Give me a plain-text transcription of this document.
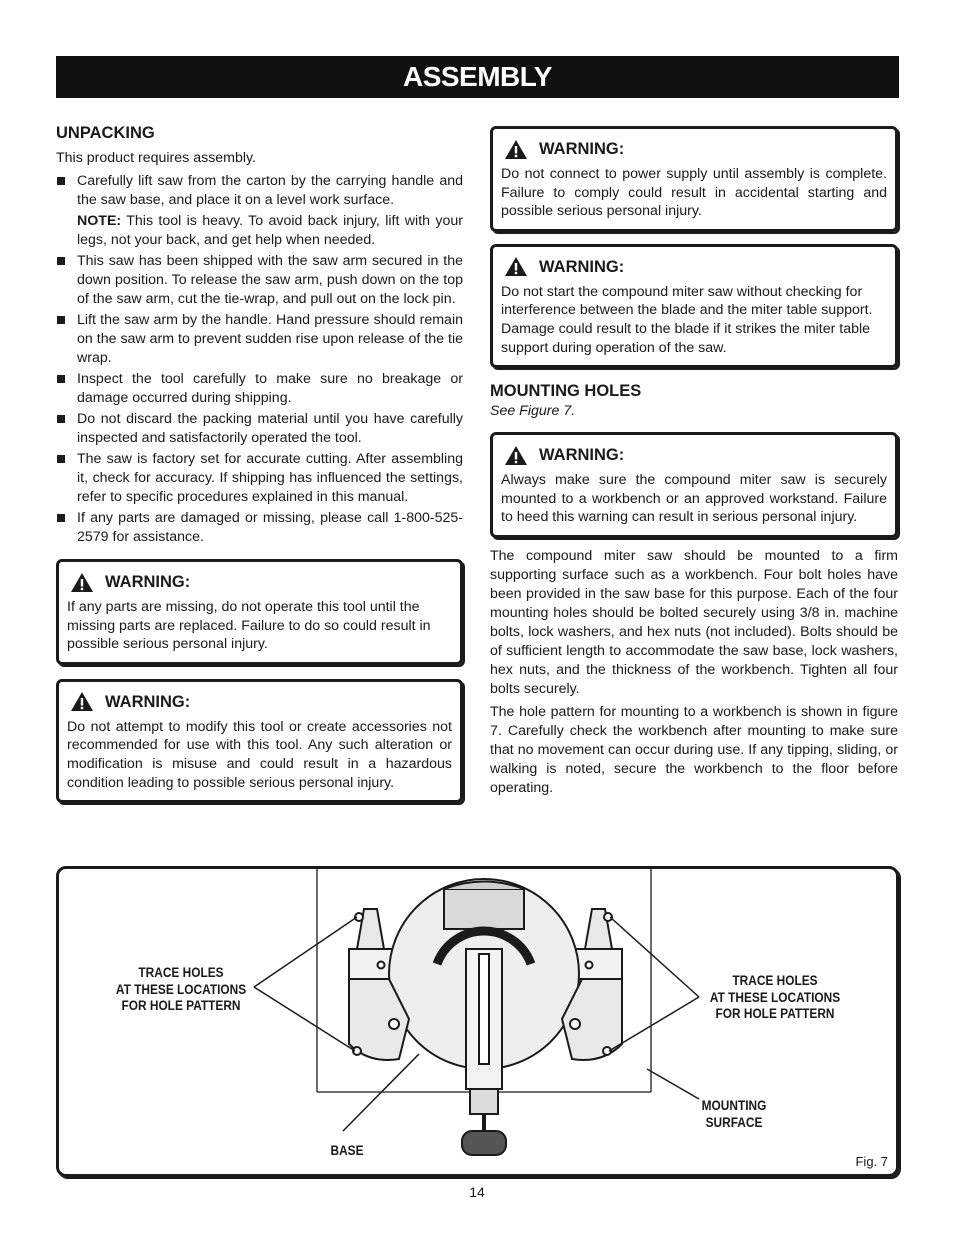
ASSEMBLY
UNPACKING

This product requires assembly.

Carefully lift saw from the carton by the carrying handle and the saw base, and place it on a level work surface.
NOTE: This tool is heavy. To avoid back injury, lift with your legs, not your back, and get help when needed.
This saw has been shipped with the saw arm secured in the down position. To release the saw arm, push down on the top of the saw arm, cut the tie-wrap, and pull out on the lock pin.
Lift the saw arm by the handle. Hand pressure should remain on the saw arm to prevent sudden rise upon release of the tie wrap.
Inspect the tool carefully to make sure no breakage or damage occurred during shipping.
Do not discard the packing material until you have carefully inspected and satisfactorily operated the tool.
The saw is factory set for accurate cutting. After assembling it, check for accuracy. If shipping has influenced the settings, refer to specific procedures explained in this manual.
If any parts are damaged or missing, please call 1-800-525-2579 for assistance.
WARNING:
If any parts are missing, do not operate this tool until the missing parts are replaced. Failure to do so could result in possible serious personal injury.
WARNING:
Do not attempt to modify this tool or create accessories not recommended for use with this tool. Any such alteration or modification is misuse and could result in a hazardous condition leading to possible serious personal injury.
WARNING:
Do not connect to power supply until assembly is complete. Failure to comply could result in accidental starting and possible serious personal injury.
WARNING:
Do not start the compound miter saw without checking for interference between the blade and the miter table support. Damage could result to the blade if it strikes the miter table support during operation of the saw.
MOUNTING HOLES

See Figure 7.

WARNING:
Always make sure the compound miter saw is securely mounted to a workbench or an approved workstand. Failure to heed this warning can result in serious personal injury.

The compound miter saw should be mounted to a firm supporting surface such as a workbench. Four bolt holes have been provided in the saw base for this purpose. Each of the four mounting holes should be bolted securely using 3/8 in. machine bolts, lock washers, and hex nuts (not included). Bolts should be of sufficient length to accommodate the saw base, lock washers, hex nuts, and the thickness of the workbench. Tighten all four bolts securely.

The hole pattern for mounting to a workbench is shown in figure 7. Carefully check the workbench after mounting to make sure that no movement can occur during use. If any tipping, sliding, or walking is noted, secure the workbench to the floor before operating.

TRACE HOLES
AT THESE LOCATIONS
FOR HOLE PATTERN
TRACE HOLES
AT THESE LOCATIONS
FOR HOLE PATTERN
BASE
MOUNTING
SURFACE
Fig. 7
14
